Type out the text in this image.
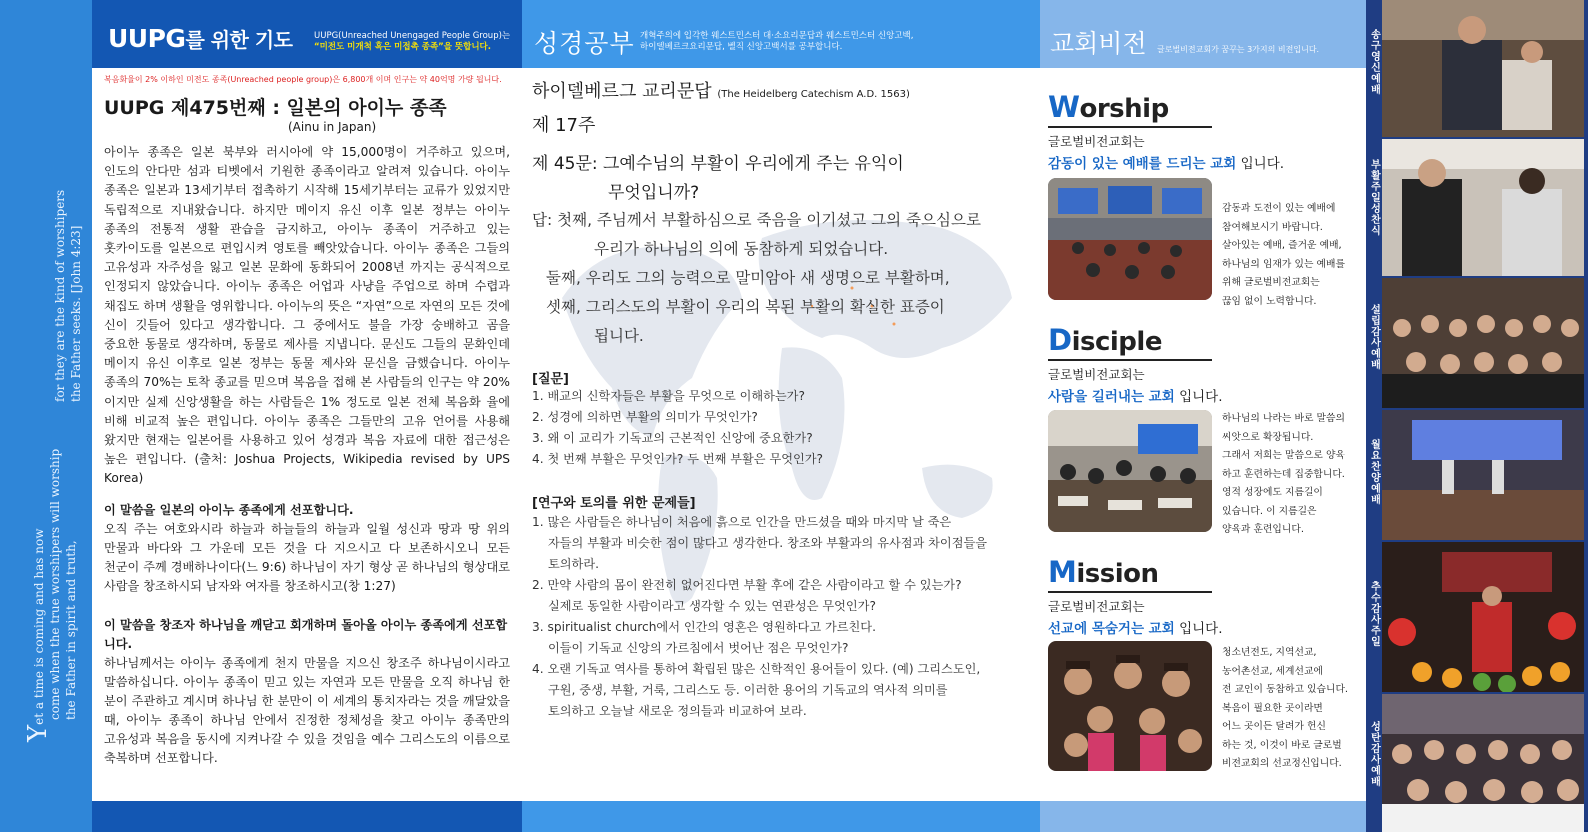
for they are the kind of worshipers the Father seeks. [John 4:23]
Yet a time is coming and has now come when the true worshipers will worship the Father in spirit and truth,
UUPG를 위한 기도	UUPG(Unreached Unengaged People Group)는
“미전도 미개척 혹은 미접촉 종족”을 뜻합니다.	성경공부 개혁주의에 입각한 웨스트민스터 대·소요리문답과 웨스트민스터 신앙고백,
하이델베르크요리문답, 벨직 신앙고백서를 공부합니다.	교회비전 글로벌비전교회가 꿈꾸는 3가지의 비전입니다.
복음화율이 2% 이하인 미전도 종족(Unreached people group)은 6,800개 이며 인구는 약 40억명 가량 됩니다.
UUPG 제475번째 : 일본의 아이누 종족
(Ainu in Japan)
아이누 종족은 일본 북부와 러시아에 약 15,000명이 거주하고 있으며, 인도의 안다만 섬과 티벳에서 기원한 종족이라고 알려져 있습니다. 아이누 종족은 일본과 13세기부터 접촉하기 시작해 15세기부터는 교류가 있었지만 독립적으로 지내왔습니다. 하지만 메이지 유신 이후 일본 정부는 아이누 종족의 전통적 생활 관습을 금지하고, 아이누 종족이 거주하고 있는 홋카이도를 일본으로 편입시켜 영토를 빼앗았습니다. 아이누 종족은 그들의 고유성과 자주성을 잃고 일본 문화에 동화되어 2008년 까지는 공식적으로 인정되지 않았습니다. 아이누 종족은 어업과 사냥을 주업으로 하며 수렵과 채집도 하며 생활을 영위합니다. 아이누의 뜻은 “자연”으로 자연의 모든 것에 신이 깃들어 있다고 생각합니다. 그 중에서도 불을 가장 숭배하고 곰을 중요한 동물로 생각하며, 동물로 제사를 지냅니다. 문신도 그들의 문화인데 메이지 유신 이후로 일본 정부는 동물 제사와 문신을 금했습니다. 아이누 종족의 70%는 토착 종교를 믿으며 복음을 접해 본 사람들의 인구는 약 20%이지만 실제 신앙생활을 하는 사람들은 1% 정도로 일본 전체 복음화 율에 비해 비교적 높은 편입니다. 아이누 종족은 그들만의 고유 언어를 사용해 왔지만 현재는 일본어를 사용하고 있어 성경과 복음 자료에 대한 접근성은 높은 편입니다. (출처: Joshua Projects, Wikipedia revised by UPS Korea)
이 말씀을 일본의 아이누 종족에게 선포합니다.
오직 주는 여호와시라 하늘과 하늘들의 하늘과 일월 성신과 땅과 땅 위의 만물과 바다와 그 가운데 모든 것을 다 지으시고 다 보존하시오니 모든 천군이 주께 경배하나이다(느 9:6) 하나님이 자기 형상 곧 하나님의 형상대로 사람을 창조하시되 남자와 여자를 창조하시고(창 1:27)
이 말씀을 창조자 하나님을 깨닫고 회개하며 돌아올 아이누 종족에게 선포합니다.
하나님께서는 아이누 종족에게 천지 만물을 지으신 창조주 하나님이시라고 말씀하십니다. 아이누 종족이 믿고 있는 자연과 모든 만물을 오직 하나님 한 분이 주관하고 계시며 하나님 한 분만이 이 세계의 통치자라는 것을 깨달았을 때, 아이누 종족이 하나님 안에서 진정한 정체성을 찾고 아이누 종족만의 고유성과 복음을 동시에 지켜나갈 수 있을 것임을 예수 그리스도의 이름으로 축복하며 선포합니다.
하이델베르그 교리문답 (The Heidelberg Catechism A.D. 1563)
제 17주
제 45문: 그예수님의 부활이 우리에게 주는 유익이
무엇입니까?
답: 첫째, 주님께서 부활하심으로 죽음을 이기셨고 그의 죽으심으로
우리가 하나님의 의에 동참하게 되었습니다.
둘째, 우리도 그의 능력으로 말미암아 새 생명으로 부활하며,
셋째, 그리스도의 부활이 우리의 복된 부활의 확실한 표증이
됩니다.
[질문]
1. 배교의 신학자들은 부활을 무엇으로 이해하는가?
2. 성경에 의하면 부활의 의미가 무엇인가?
3. 왜 이 교리가 기독교의 근본적인 신앙에 중요한가?
4. 첫 번째 부활은 무엇인가? 두 번째 부활은 무엇인가?
[연구와 토의를 위한 문제들]
1. 많은 사람들은 하나님이 처음에 흙으로 인간을 만드셨을 때와 마지막 날 죽은
자들의 부활과 비슷한 점이 많다고 생각한다. 창조와 부활과의 유사점과 차이점들을
토의하라.
2. 만약 사람의 몸이 완전히 없어진다면 부활 후에 같은 사람이라고 할 수 있는가?
실제로 동일한 사람이라고 생각할 수 있는 연관성은 무엇인가?
3. spiritualist church에서 인간의 영혼은 영원하다고 가르친다.
이들이 기독교 신앙의 가르침에서 벗어난 점은 무엇인가?
4. 오랜 기독교 역사를 통하여 확립된 많은 신학적인 용어들이 있다. (예) 그리스도인,
구원, 중생, 부활, 거룩, 그리스도 등. 이러한 용어의 기독교의 역사적 의미를
토의하고 오늘날 새로운 정의들과 비교하여 보라.
Worship
글로벌비전교회는
감동이 있는 예배를 드리는 교회 입니다.
감동과 도전이 있는 예배에
참여해보시기 바랍니다.
살아있는 예배, 즐거운 예배,
하나님의 임재가 있는 예배를
위해 글로벌비전교회는
끊임 없이 노력합니다.
Disciple
글로벌비전교회는
사람을 길러내는 교회 입니다.
하나님의 나라는 바로 말씀의
씨앗으로 확장됩니다.
그래서 저희는 말씀으로 양육
하고 훈련하는데 집중합니다.
영적 성장에도 지름길이
있습니다. 이 지름길은
양육과 훈련입니다.
Mission
글로벌비전교회는
선교에 목숨거는 교회 입니다.
청소년전도, 지역선교,
농어촌선교, 세계선교에
전 교인이 동참하고 있습니다.
복음이 필요한 곳이라면
어느 곳이든 달려가 헌신
하는 것, 이것이 바로 글로벌
비전교회의 선교정신입니다.
송구영신예배
부활주일 성찬식
설립감사예배
월요찬양예배
추수감사주일
성탄감사예배
